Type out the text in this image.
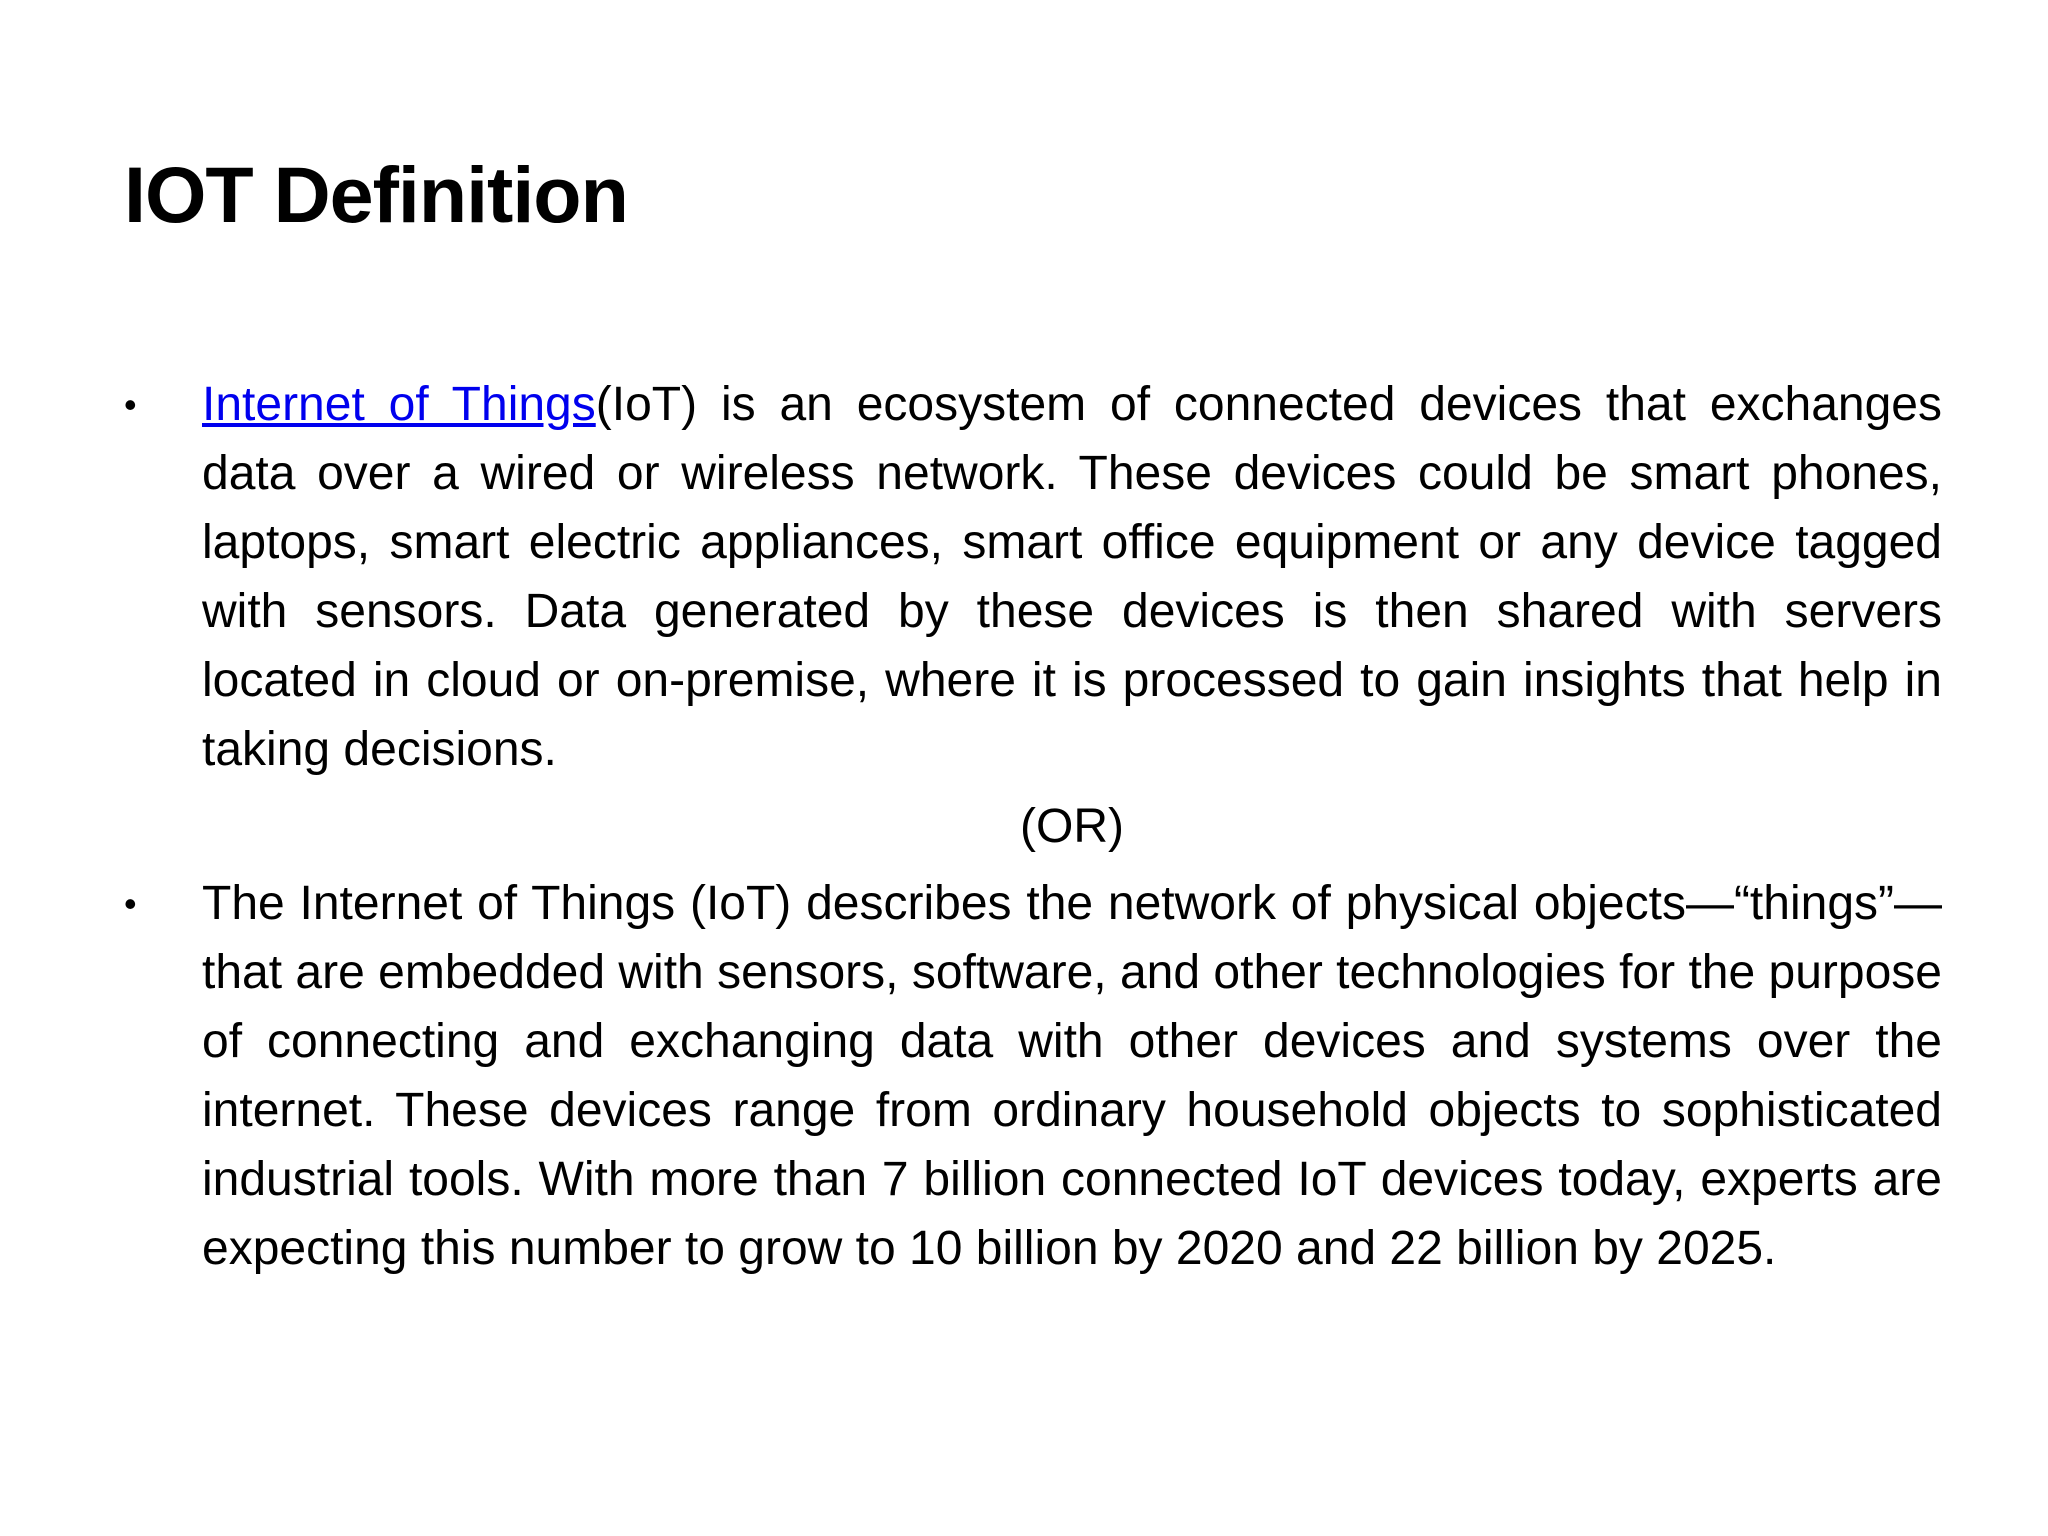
IOT Definition
•	Internet of Things(IoT) is an ecosystem of connected devices that exchanges data over a wired or wireless network. These devices could be smart phones, laptops, smart electric appliances, smart office equipment or any device tagged with sensors. Data generated by these devices is then shared with servers located in cloud or on-premise, where it is processed to gain insights that help in taking decisions.
(OR)
•	The Internet of Things (IoT) describes the network of physical objects—“things”—that are embedded with sensors, software, and other technologies for the purpose of connecting and exchanging data with other devices and systems over the internet. These devices range from ordinary household objects to sophisticated industrial tools. With more than 7 billion connected IoT devices today, experts are expecting this number to grow to 10 billion by 2020 and 22 billion by 2025.
